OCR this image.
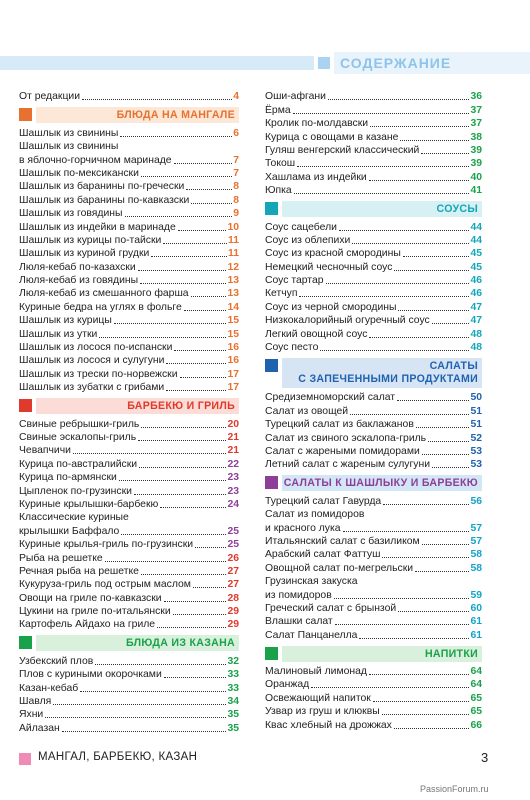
СОДЕРЖАНИЕ
От редакции	4
БЛЮДА НА МАНГАЛЕ
Шашлык из свинины	6
Шашлык из свинины
в яблочно-горчичном маринаде	7
Шашлык по-мексикански	7
Шашлык из баранины по-гречески	8
Шашлык из баранины по-кавказски	8
Шашлык из говядины	9
Шашлык из индейки в маринаде	10
Шашлык из курицы по-тайски	11
Шашлык из куриной грудки	11
Люля-кебаб по-казахски	12
Люля-кебаб из говядины	13
Люля-кебаб из смешанного фарша	13
Куриные бедра на углях в фольге	14
Шашлык из курицы	15
Шашлык из утки	15
Шашлык из лосося по-испански	16
Шашлык из лосося и сулугуни	16
Шашлык из трески по-норвежски	17
Шашлык из зубатки с грибами	17
БАРБЕКЮ И ГРИЛЬ
Свиные ребрышки-гриль	20
Свиные эскалопы-гриль	21
Чевапчичи	21
Курица по-австралийски	22
Курица по-армянски	23
Цыпленок по-грузински	23
Куриные крылышки-барбекю	24
Классические куриные
крылышки Баффало	25
Куриные крылья-гриль по-грузински	25
Рыба на решетке	26
Речная рыба на решетке	27
Кукуруза-гриль под острым маслом	27
Овощи на гриле по-кавказски	28
Цукини на гриле по-итальянски	29
Картофель Айдахо на гриле	29
БЛЮДА ИЗ КАЗАНА
Узбекский плов	32
Плов с куриными окорочками	33
Казан-кебаб	33
Шавля	34
Яхни	35
Айлазан	35
Оши-афгани	36
Ёрма	37
Кролик по-молдавски	37
Курица с овощами в казане	38
Гуляш венгерский классический	39
Токош	39
Хашлама из индейки	40
Юпка	41
СОУСЫ
Соус сацебели	44
Соус из облепихи	44
Соус из красной смородины	45
Немецкий чесночный соус	45
Соус тартар	46
Кетчуп	46
Соус из черной смородины	47
Низкокалорийный огуречный соус	47
Легкий овощной соус	48
Соус песто	48
САЛАТЫ
С ЗАПЕЧЕННЫМИ ПРОДУКТАМИ
Средиземноморский салат	50
Салат из овощей	51
Турецкий салат из баклажанов	51
Салат из свиного эскалопа-гриль	52
Салат с жареными помидорами	53
Летний салат с жареным сулугуни	53
САЛАТЫ К ШАШЛЫКУ И БАРБЕКЮ
Турецкий салат Гавурда	56
Салат из помидоров
и красного лука	57
Итальянский салат с базиликом	57
Арабский салат Фаттуш	58
Овощной салат по-мегрельски	58
Грузинская закуска
из помидоров	59
Греческий салат с брынзой	60
Влашки салат	61
Салат Панцанелла	61
НАПИТКИ
Малиновый лимонад	64
Оранжад	64
Освежающий напиток	65
Узвар из груш и клюквы	65
Квас хлебный на дрожжах	66
МАНГАЛ, БАРБЕКЮ, КАЗАН	3
PassionForum.ru
